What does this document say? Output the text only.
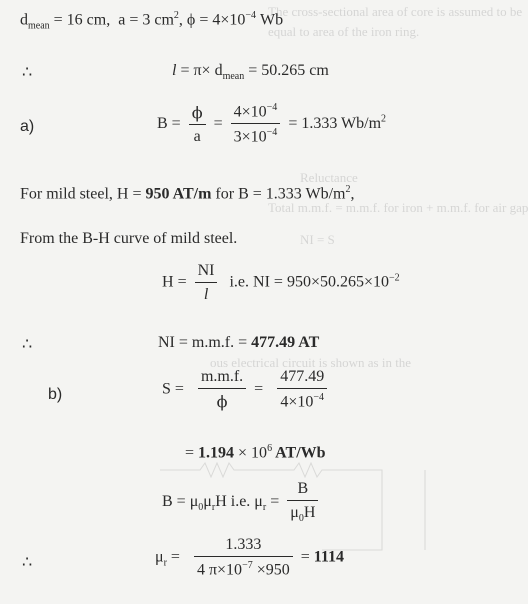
The cross-sectional area of core is assumed to be
equal to area of the iron ring.
Reluctance
Total m.m.f. = m.m.f. for iron + m.m.f. for air gap
NI = S
ous electrical circuit is shown as in the
$d_{mean} = 16$ cm, a = 3 $cm^2$, $\phi = 4\times 10^{-4}$ Wb
∴	$l = \pi\times d_{mean} = 50.265$ cm
a)	$B = \frac{\phi}{a} = \frac{4\times 10^{-4}}{3\times 10^{-4}} = 1.333$ $Wb/m^2$
For mild steel, H = 950 AT/m for B = 1.333 $Wb/m^2$,
From the B-H curve of mild steel.
$H = \frac{NI}{l} i.e$. NI = $950\times 50.265\times 10^{-2}$
∴	NI = m.m.f. = 477.49 AT
b)	$S = \frac{m.m.f.}{\phi} = \frac{477.49}{4\times 10^{-4}}$
= $1.194 \times 10^6$ AT/Wb
$B = \mu_0\mu_rH$ i.e. $\mu_r = \frac{B}{\mu_0H}$
∴	$\mu_r = \frac{1.333}{4 \pi\times 10^{-7} \times 950} = 1114$
